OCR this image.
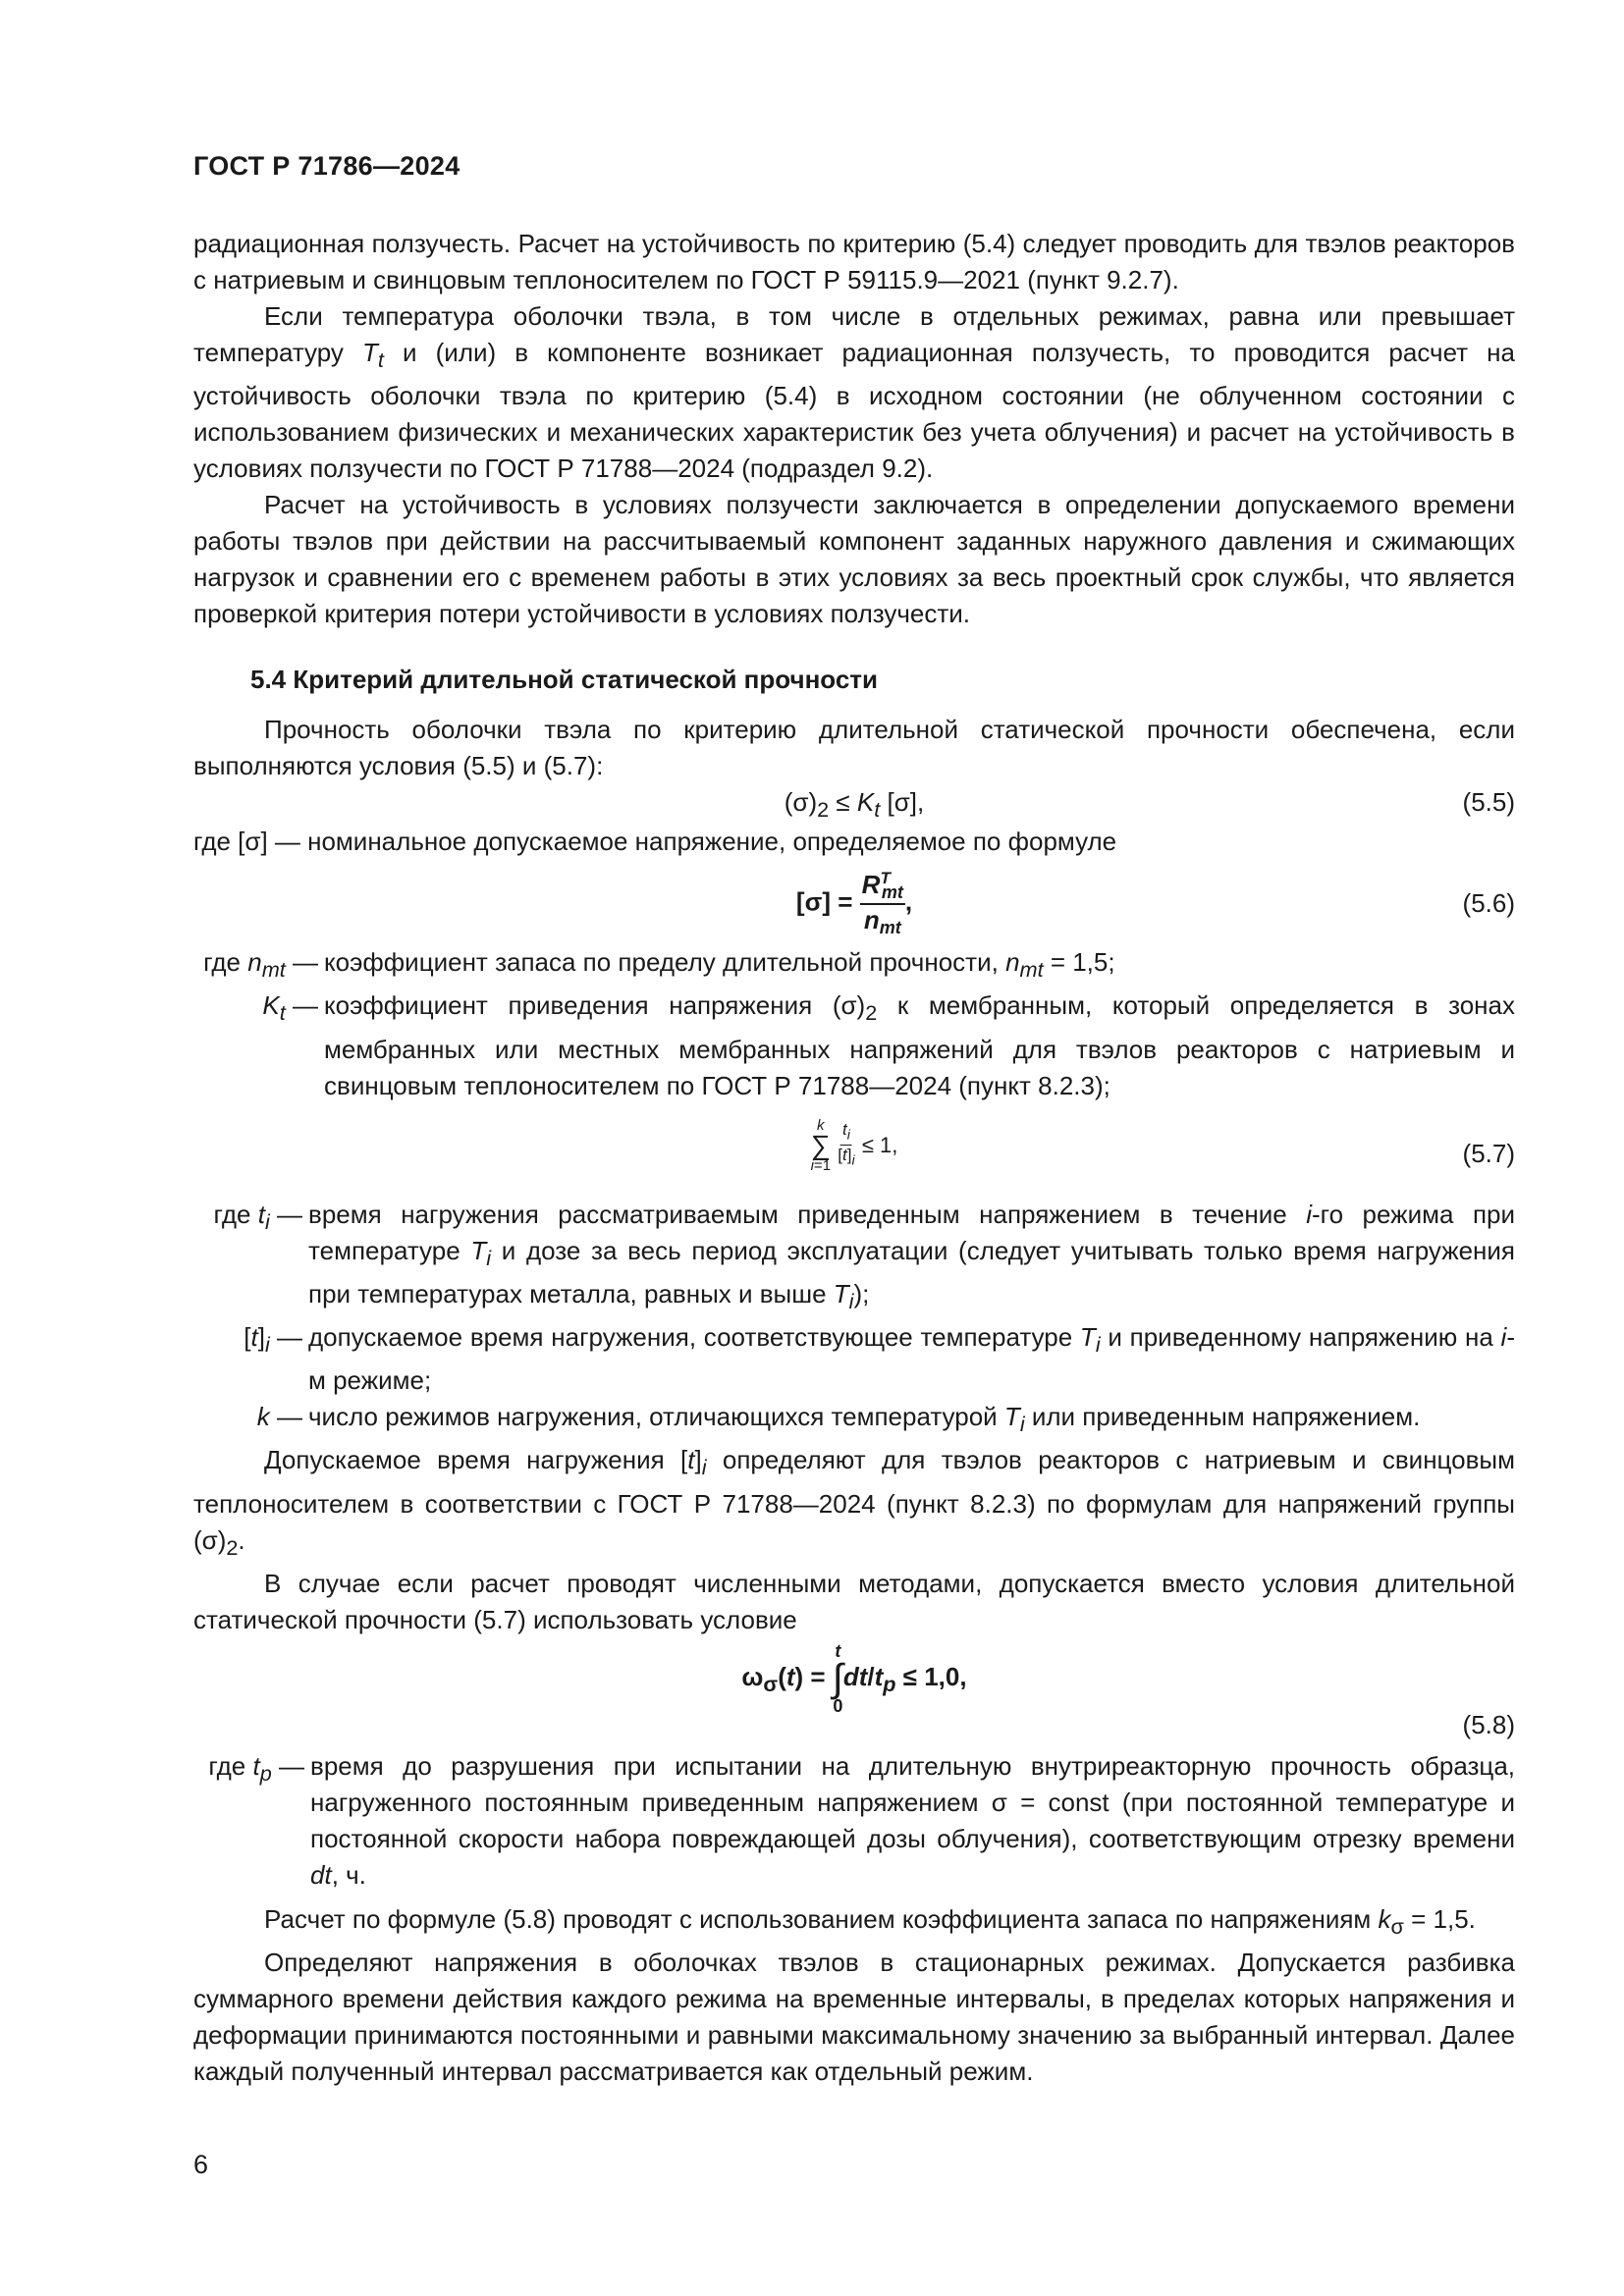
ГОСТ Р 71786—2024

радиационная ползучесть. Расчет на устойчивость по критерию (5.4) следует проводить для твэлов реакторов с натриевым и свинцовым теплоносителем по ГОСТ Р 59115.9—2021 (пункт 9.2.7).

Если температура оболочки твэла, в том числе в отдельных режимах, равна или превышает температуру $T_t$ и (или) в компоненте возникает радиационная ползучесть, то проводится расчет на устойчивость оболочки твэла по критерию (5.4) в исходном состоянии (не облученном состоянии с использованием физических и механических характеристик без учета облучения) и расчет на устойчивость в условиях ползучести по ГОСТ Р 71788—2024 (подраздел 9.2).

Расчет на устойчивость в условиях ползучести заключается в определении допускаемого времени работы твэлов при действии на рассчитываемый компонент заданных наружного давления и сжимающих нагрузок и сравнении его с временем работы в этих условиях за весь проектный срок службы, что является проверкой критерия потери устойчивости в условиях ползучести.

5.4 Критерий длительной статической прочности

Прочность оболочки твэла по критерию длительной статической прочности обеспечена, если выполняются условия (5.5) и (5.7):

$(\sigma)_2 \le K_t$ [σ],	(5.5)

где [σ] — номинальное допускаемое напряжение, определяемое по формуле

$[\sigma] = \frac{R^Tmt}{\text{nmt}}$ ,	(5.6)
где $n_{mt}$ — коэффициент запаса по пределу длительной прочности, $n_{mt} = 1,5$;
$K_t$ — коэффициент приведения напряжения $(\sigma)_2$ к мембранным, который определяется в зонах мембранных или местных мембранных напряжений для твэлов реакторов с натриевым и свинцовым теплоносителем по ГОСТ Р 71788—2024 (пункт 8.2.3);
k
∑
i=1
$\frac{t_i}{[t]_i} \le 1$,	(5.7)
где $t_i$ — время нагружения рассматриваемым приведенным напряжением в течение i-го режима при температуре $T_i$ и дозе за весь период эксплуатации (следует учитывать только время нагружения при температурах металла, равных и выше $T_i$);
$[t]_i$ — допускаемое время нагружения, соответствующее температуре $T_i$ и приведенному напряжению на i-м режиме;
k — число режимов нагружения, отличающихся температурой $T_i$ или приведенным напряжением.

Допускаемое время нагружения $[t]_i$ определяют для твэлов реакторов с натриевым и свинцовым теплоносителем в соответствии с ГОСТ Р 71788—2024 (пункт 8.2.3) по формулам для напряжений группы $(\sigma)_2$.

В случае если расчет проводят численными методами, допускается вместо условия длительной статической прочности (5.7) использовать условие

$\omega_\sigma(t)$ =
t
∫
0
$dt/t_p \le 1,0$,
(5.8)
где $t_p$ — время до разрушения при испытании на длительную внутриреакторную прочность образца, нагруженного постоянным приведенным напряжением σ = const (при постоянной температуре и постоянной скорости набора повреждающей дозы облучения), соответствующим отрезку времени dt, ч.

Расчет по формуле (5.8) проводят с использованием коэффициента запаса по напряжениям $k_\sigma = 1,5$.

Определяют напряжения в оболочках твэлов в стационарных режимах. Допускается разбивка суммарного времени действия каждого режима на временные интервалы, в пределах которых напряжения и деформации принимаются постоянными и равными максимальному значению за выбранный интервал. Далее каждый полученный интервал рассматривается как отдельный режим.

6
